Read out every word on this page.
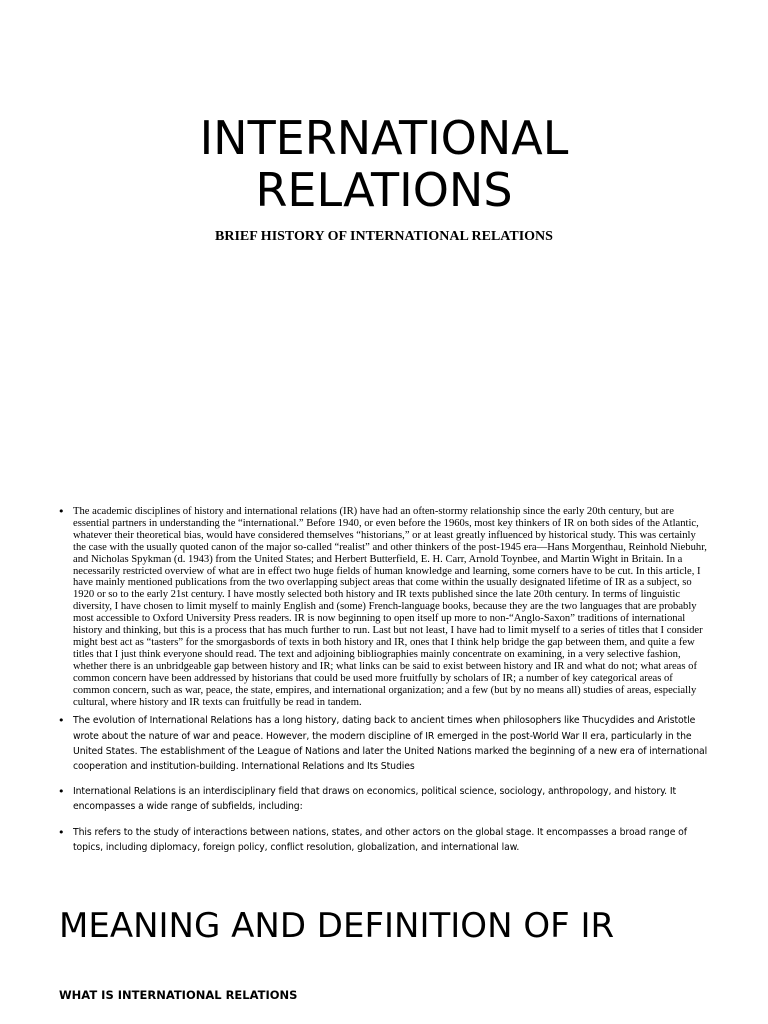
INTERNATIONAL
RELATIONS
BRIEF HISTORY OF INTERNATIONAL RELATIONS
• The academic disciplines of history and international relations (IR) have had an often-stormy relationship since the early 20th century, but are essential partners in understanding the “international.” Before 1940, or even before the 1960s, most key thinkers of IR on both sides of the Atlantic, whatever their theoretical bias, would have considered themselves “historians,” or at least greatly influenced by historical study. This was certainly the case with the usually quoted canon of the major so-called “realist” and other thinkers of the post-1945 era—Hans Morgenthau, Reinhold Niebuhr, and Nicholas Spykman (d. 1943) from the United States; and Herbert Butterfield, E. H. Carr, Arnold Toynbee, and Martin Wight in Britain. In a necessarily restricted overview of what are in effect two huge fields of human knowledge and learning, some corners have to be cut. In this article, I have mainly mentioned publications from the two overlapping subject areas that come within the usually designated lifetime of IR as a subject, so 1920 or so to the early 21st century. I have mostly selected both history and IR texts published since the late 20th century. In terms of linguistic diversity, I have chosen to limit myself to mainly English and (some) French-language books, because they are the two languages that are probably most accessible to Oxford University Press readers. IR is now beginning to open itself up more to non-“Anglo-Saxon” traditions of international history and thinking, but this is a process that has much further to run. Last but not least, I have had to limit myself to a series of titles that I consider might best act as “tasters” for the smorgasbords of texts in both history and IR, ones that I think help bridge the gap between them, and quite a few titles that I just think everyone should read. The text and adjoining bibliographies mainly concentrate on examining, in a very selective fashion, whether there is an unbridgeable gap between history and IR; what links can be said to exist between history and IR and what do not; what areas of common concern have been addressed by historians that could be used more fruitfully by scholars of IR; a number of key categorical areas of common concern, such as war, peace, the state, empires, and international organization; and a few (but by no means all) studies of areas, especially cultural, where history and IR texts can fruitfully be read in tandem.
• The evolution of International Relations has a long history, dating back to ancient times when philosophers like Thucydides and Aristotle wrote about the nature of war and peace. However, the modern discipline of IR emerged in the post-World War II era, particularly in the United States. The establishment of the League of Nations and later the United Nations marked the beginning of a new era of international cooperation and institution-building. International Relations and Its Studies
• International Relations is an interdisciplinary field that draws on economics, political science, sociology, anthropology, and history. It encompasses a wide range of subfields, including:
• This refers to the study of interactions between nations, states, and other actors on the global stage. It encompasses a broad range of topics, including diplomacy, foreign policy, conflict resolution, globalization, and international law.
MEANING AND DEFINITION OF IR
WHAT IS INTERNATIONAL RELATIONS
